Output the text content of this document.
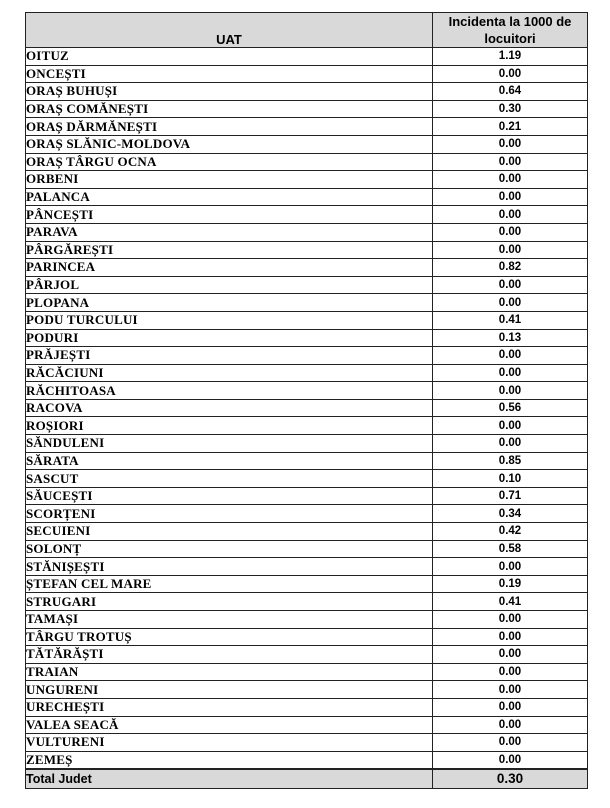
UAT	Incidenta la 1000 de
locuitori
OITUZ	1.19
ONCEȘTI	0.00
ORAȘ BUHUȘI	0.64
ORAȘ COMĂNEȘTI	0.30
ORAȘ DĂRMĂNEȘTI	0.21
ORAȘ SLĂNIC-MOLDOVA	0.00
ORAȘ TÂRGU OCNA	0.00
ORBENI	0.00
PALANCA	0.00
PÂNCEȘTI	0.00
PARAVA	0.00
PÂRGĂREȘTI	0.00
PARINCEA	0.82
PÂRJOL	0.00
PLOPANA	0.00
PODU TURCULUI	0.41
PODURI	0.13
PRĂJEȘTI	0.00
RĂCĂCIUNI	0.00
RĂCHITOASA	0.00
RACOVA	0.56
ROȘIORI	0.00
SĂNDULENI	0.00
SĂRATA	0.85
SASCUT	0.10
SĂUCEȘTI	0.71
SCORȚENI	0.34
SECUIENI	0.42
SOLONȚ	0.58
STĂNIȘEȘTI	0.00
ȘTEFAN CEL MARE	0.19
STRUGARI	0.41
TAMAȘI	0.00
TÂRGU TROTUȘ	0.00
TĂTĂRĂȘTI	0.00
TRAIAN	0.00
UNGURENI	0.00
URECHEȘTI	0.00
VALEA SEACĂ	0.00
VULTURENI	0.00
ZEMEȘ	0.00
Total Judet	0.30
